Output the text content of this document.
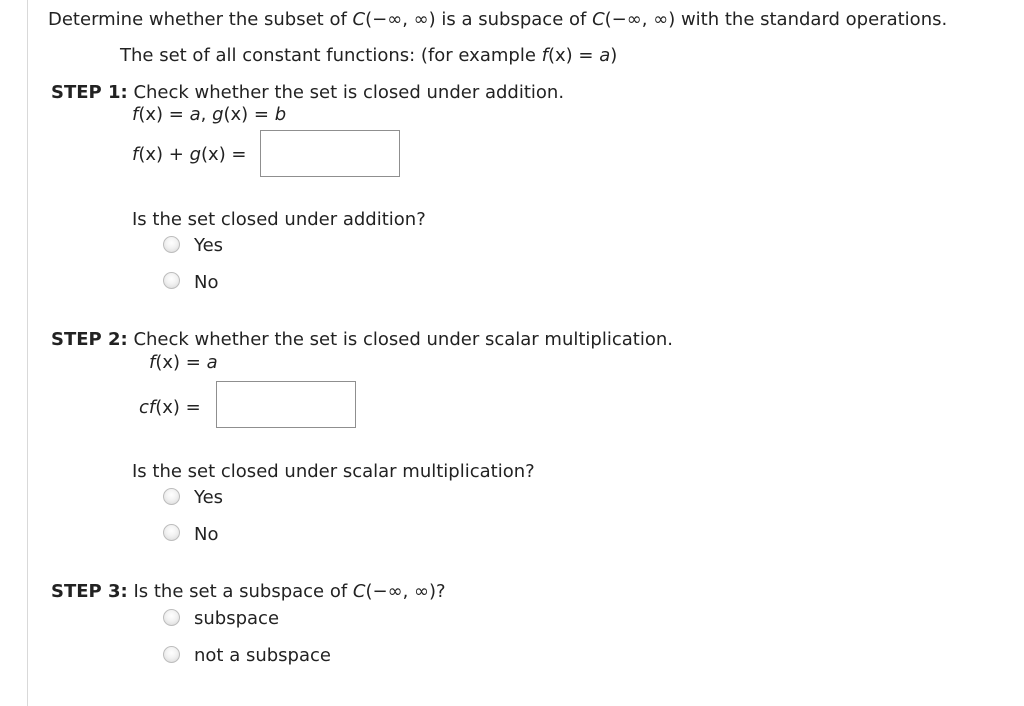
Determine whether the subset of C(−∞, ∞) is a subspace of C(−∞, ∞) with the standard operations.
The set of all constant functions: (for example f(x) = a)
STEP 1: Check whether the set is closed under addition.
f(x) = a, g(x) = b
f(x) + g(x) =
Is the set closed under addition?
Yes
No
STEP 2: Check whether the set is closed under scalar multiplication.
f(x) = a
cf(x) =
Is the set closed under scalar multiplication?
Yes
No
STEP 3: Is the set a subspace of C(−∞, ∞)?
subspace
not a subspace
